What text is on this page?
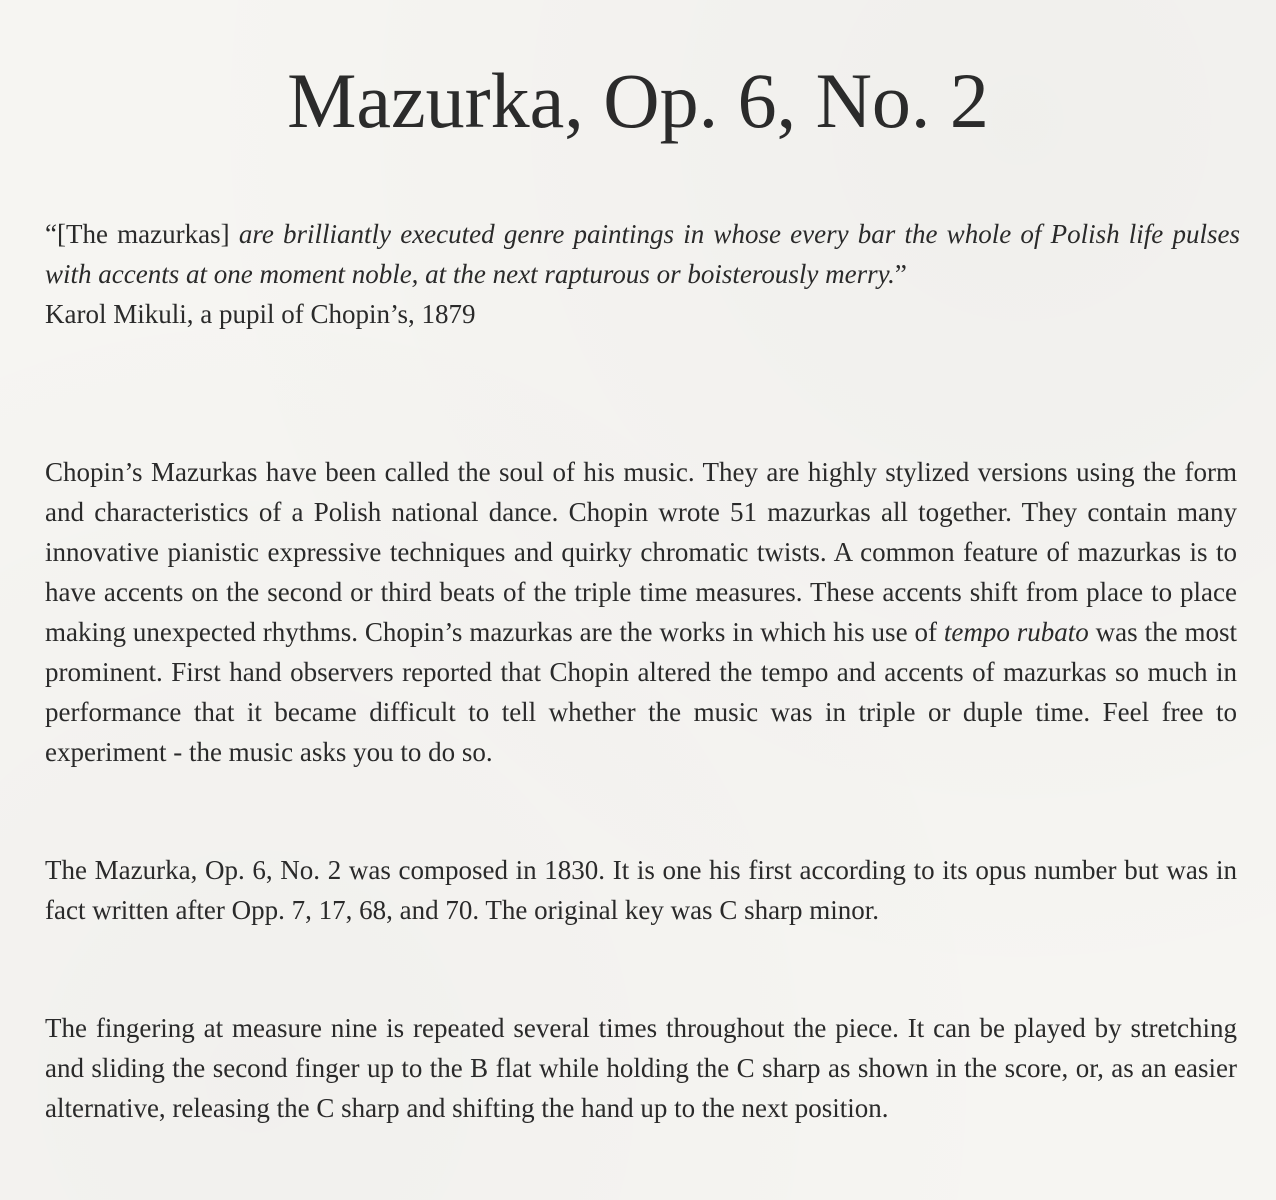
Mazurka, Op. 6, No. 2

“[The mazurkas] are brilliantly executed genre paintings in whose every bar the whole of Polish life pulses with accents at one moment noble, at the next rapturous or boisterously merry.”

Karol Mikuli, a pupil of Chopin’s, 1879

Chopin’s Mazurkas have been called the soul of his music. They are highly stylized versions using the form and characteristics of a Polish national dance. Chopin wrote 51 mazurkas all together. They contain many innovative pianistic expressive techniques and quirky chromatic twists. A common feature of mazurkas is to have accents on the second or third beats of the triple time measures. These accents shift from place to place making unexpected rhythms. Chopin’s mazurkas are the works in which his use of tempo rubato was the most prominent. First hand observers reported that Chopin altered the tempo and accents of mazurkas so much in performance that it became difficult to tell whether the music was in triple or duple time. Feel free to experiment - the music asks you to do so.

The Mazurka, Op. 6, No. 2 was composed in 1830. It is one his first according to its opus number but was in fact written after Opp. 7, 17, 68, and 70. The original key was C sharp minor.

The fingering at measure nine is repeated several times throughout the piece. It can be played by stretching and sliding the second finger up to the B flat while holding the C sharp as shown in the score, or, as an easier alternative, releasing the C sharp and shifting the hand up to the next position.
